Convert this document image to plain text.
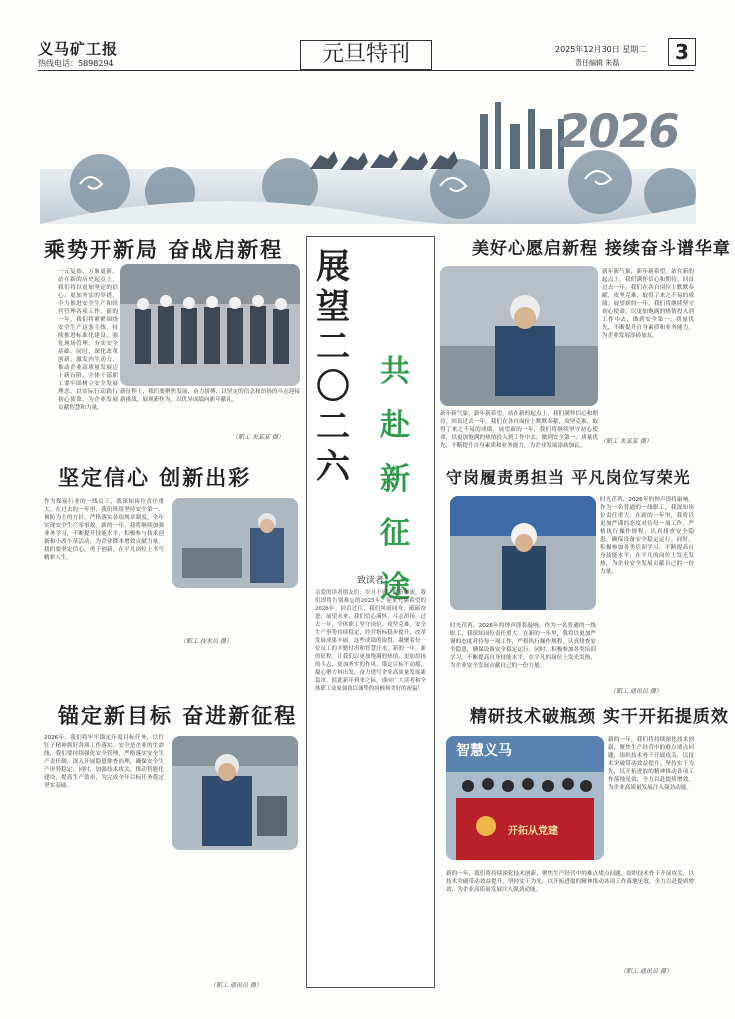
义马矿工报
热线电话：5898294	元旦特刊	2025年12月30日 星期二
责任编辑 朱磊	3
2026
乘势开新局 奋战启新程
一元复始，万象更新。站在新的历史起点上，我们将以更加坚定的信心、更加务实的举措，全力推进安全生产和经营管理各项工作。新的一年，我们将紧紧围绕安全生产这条主线，持续推进标准化建设，强化现场管理，夯实安全基础。同时，深化改革创新，激发内生动力，推动企业高质量发展迈上新台阶。全体干部职工要牢固树立安全发展理念，以实际行动践行初心使命，为企业发展贡献智慧和力量。
新征程上，我们要聚焦发展，奋力拼搏，以坚定的信念和昂扬的斗志迎接新挑战，展现新作为，以优异成绩向新年献礼。
（职工 朱某某 摄）
坚定信心 创新出彩
作为煤炭行业的一线员工，我深知岗位责任重大。在过去的一年里，我们班组坚持安全第一、预防为主的方针，严格落实各项规章制度，全年实现安全生产零事故。新的一年，我将继续加强业务学习，不断提升技能水平，积极参与技术创新和小改小革活动，为企业降本增效贡献力量。我们要坚定信心，勇于创新，在平凡岗位上书写精彩人生。
（职工 技术员 摄）
锚定新目标 奋进新征程
2026年，我们将牢牢锚定年度目标任务，以钉钉子精神抓好各项工作落实。安全是企业的生命线，我们要持续强化安全管理，严格落实安全生产责任制，深入开展隐患排查治理，确保安全生产形势稳定。同时，加强技术攻关，推动智能化建设，提高生产效率，为完成全年目标任务奠定坚实基础。
（职工 通讯员 摄）
展
望
二
〇
二
六
共
赴
新
征
途
致读者
亲爱的读者朋友们：岁月不居，时节如流。我们即将告别难忘的2025年，迎来充满希望的2026年。回首过往，我们风雨同舟、砥砺奋进；展望未来，我们信心满怀、斗志昂扬。过去一年，全体职工坚守岗位、攻坚克难，安全生产形势持续稳定，经营指标稳步提升，改革发展成果丰硕。这些成绩的取得，凝聚着每一位员工的辛勤付出和智慧汗水。新的一年，新的征程。让我们以更加饱满的热情、更加昂扬的斗志、更加务实的作风，锚定目标不动摇，凝心聚力再出发，奋力谱写企业高质量发展新篇章。值此新年到来之际，谨向广大读者和全体职工及家属致以诚挚的问候和美好的祝福！
美好心愿启新程 接续奋斗谱华章
新年新气象，新年新希望。站在新的起点上，我们满怀信心和期待。回首过去一年，我们在各自岗位上默默奉献，攻坚克难，取得了来之不易的成绩。展望新的一年，我们将继续坚守初心使命，以更加饱满的热情投入到工作中去，做到安全第一、质量优先，不断提升自身素质和业务能力，为企业发展添砖加瓦。
新年新气象，新年新希望。站在新的起点上，我们满怀信心和期待。回首过去一年，我们在各自岗位上默默奉献，攻坚克难，取得了来之不易的成绩。展望新的一年，我们将继续坚守初心使命，以更加饱满的热情投入到工作中去，做到安全第一、质量优先，不断提升自身素质和业务能力，为企业发展添砖加瓦。
（职工 朱某某 摄）
守岗履责勇担当 平凡岗位写荣光
时光荏苒，2026年的钟声即将敲响。作为一名普通的一线职工，我深知岗位责任重大。在新的一年里，我将以更加严谨的态度对待每一项工作，严格执行操作规程，认真排查安全隐患，确保设备安全稳定运行。同时，积极参加各类培训学习，不断提高自身技能水平，在平凡的岗位上发光发热，为企业安全发展贡献自己的一份力量。
时光荏苒，2026年的钟声即将敲响。作为一名普通的一线职工，我深知岗位责任重大。在新的一年里，我将以更加严谨的态度对待每一项工作，严格执行操作规程，认真排查安全隐患，确保设备安全稳定运行。同时，积极参加各类培训学习，不断提高自身技能水平，在平凡的岗位上发光发热，为企业安全发展贡献自己的一份力量。
（职工 通讯员 摄）
精研技术破瓶颈 实干开拓提质效
智慧义马
开拓从党建
新的一年，我们将持续深化技术创新，聚焦生产经营中的难点堵点问题，组织技术骨干开展攻关，以技术突破带动效益提升。坚持实干为先，以开拓进取的精神推动各项工作落地见效，全力以赴提质增效，为企业高质量发展注入强劲动能。
新的一年，我们将持续深化技术创新，聚焦生产经营中的难点堵点问题，组织技术骨干开展攻关，以技术突破带动效益提升。坚持实干为先，以开拓进取的精神推动各项工作落地见效，全力以赴提质增效，为企业高质量发展注入强劲动能。
（职工 通讯员 摄）
